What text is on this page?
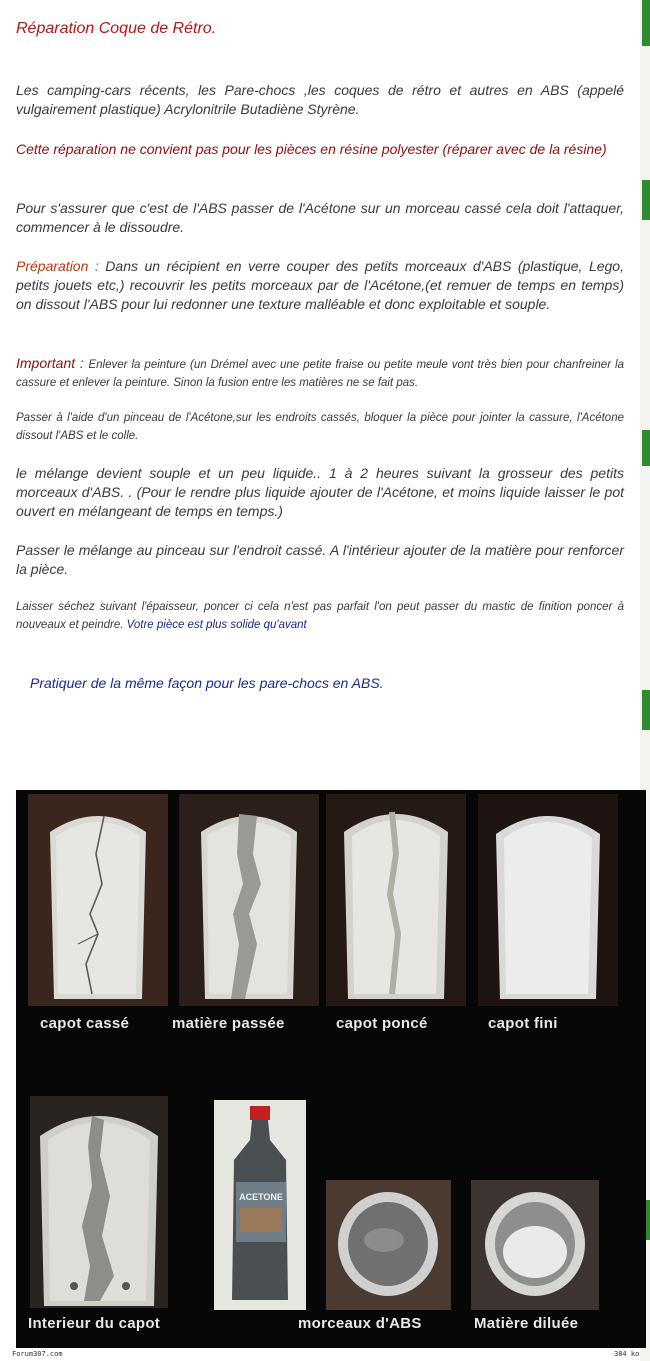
Réparation Coque de Rétro.
Les camping-cars récents, les Pare-chocs ,les coques de rétro et autres en ABS (appelé vulgairement plastique) Acrylonitrile Butadiène Styrène.
Cette réparation ne convient pas pour les pièces en résine polyester (réparer avec de la résine)
Pour s'assurer que c'est de l'ABS passer de l'Acétone sur un morceau cassé cela doit l'attaquer, commencer à le dissoudre.
Préparation : Dans un récipient en verre couper des petits morceaux d'ABS (plastique, Lego, petits jouets etc,) recouvrir les petits morceaux par de l'Acétone,(et remuer de temps en temps) on dissout l'ABS pour lui redonner une texture malléable et donc exploitable et souple.
Important : Enlever la peinture (un Drémel avec une petite fraise ou petite meule vont très bien pour chanfreiner la cassure et enlever la peinture. Sinon la fusion entre les matières ne se fait pas.
Passer à l'aide d'un pinceau de l'Acétone,sur les endroits cassés, bloquer la pièce pour jointer la cassure, l'Acétone dissout l'ABS et le colle.
le mélange devient souple et un peu liquide.. 1 à 2 heures suivant la grosseur des petits morceaux d'ABS. . (Pour le rendre plus liquide ajouter de l'Acétone, et moins liquide laisser le pot ouvert en mélangeant de temps en temps.)
Passer le mélange au pinceau sur l'endroit cassé. A l'intérieur ajouter de la matière pour renforcer la pièce.
Laisser séchez suivant l'épaisseur, poncer ci cela n'est pas parfait l'on peut passer du mastic de finition poncer à nouveaux et peindre. Votre pièce est plus solide qu'avant
Pratiquer de la même façon pour les pare-chocs en ABS.
capot cassé	matière passée	capot poncé	capot fini
ACETONE
Interieur du capot	morceaux d'ABS	Matière diluée
Forum307.com	384 ko
